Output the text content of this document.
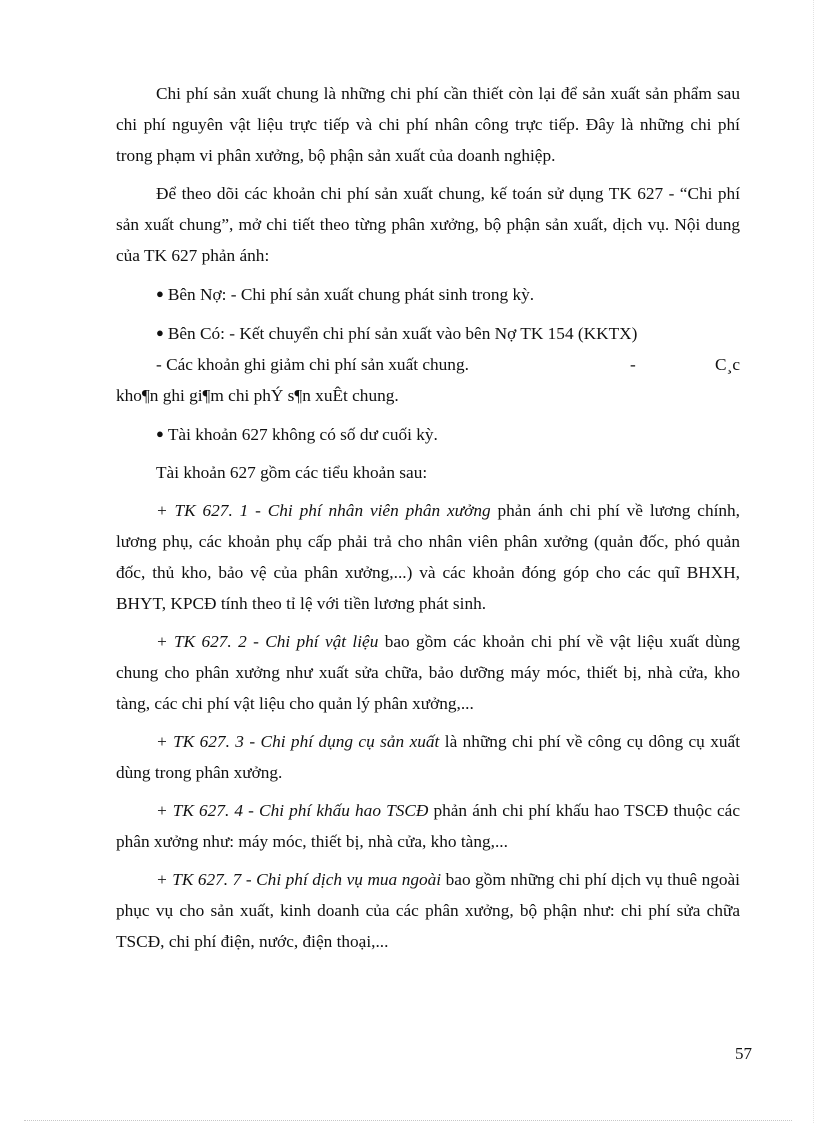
Chi phí sản xuất chung là những chi phí cần thiết còn lại để sản xuất sản phẩm sau chi phí nguyên vật liệu trực tiếp và chi phí nhân công trực tiếp. Đây là những chi phí trong phạm vi phân xưởng, bộ phận sản xuất của doanh nghiệp.

Để theo dõi các khoản chi phí sản xuất chung, kế toán sử dụng TK 627 - “Chi phí sản xuất chung”, mở chi tiết theo từng phân xưởng, bộ phận sản xuất, dịch vụ. Nội dung của TK 627 phản ánh:

● Bên Nợ: - Chi phí sản xuất chung phát sinh trong kỳ.

● Bên Có: - Kết chuyển chi phí sản xuất vào bên Nợ TK 154 (KKTX)
-	C¸c
- Các khoản ghi giảm chi phí sản xuất chung.

kho¶n ghi gi¶m chi phÝ s¶n xuÊt chung.

● Tài khoản 627 không có số dư cuối kỳ.

Tài khoản 627 gồm các tiểu khoản sau:

+ TK 627. 1 - Chi phí nhân viên phân xưởng phản ánh chi phí về lương chính, lương phụ, các khoản phụ cấp phải trả cho nhân viên phân xưởng (quản đốc, phó quản đốc, thủ kho, bảo vệ của phân xưởng,...) và các khoản đóng góp cho các quĩ BHXH, BHYT, KPCĐ tính theo tỉ lệ với tiền lương phát sinh.

+ TK 627. 2 - Chi phí vật liệu bao gồm các khoản chi phí về vật liệu xuất dùng chung cho phân xưởng như xuất sửa chữa, bảo dưỡng máy móc, thiết bị, nhà cửa, kho tàng, các chi phí vật liệu cho quản lý phân xưởng,...

+ TK 627. 3 - Chi phí dụng cụ sản xuất là những chi phí về công cụ dông cụ xuất dùng trong phân xưởng.

+ TK 627. 4 - Chi phí khấu hao TSCĐ phản ánh chi phí khấu hao TSCĐ thuộc các phân xưởng như: máy móc, thiết bị, nhà cửa, kho tàng,...

+ TK 627. 7 - Chi phí dịch vụ mua ngoài bao gồm những chi phí dịch vụ thuê ngoài phục vụ cho sản xuất, kinh doanh của các phân xưởng, bộ phận như: chi phí sửa chữa TSCĐ, chi phí điện, nước, điện thoại,...

57
